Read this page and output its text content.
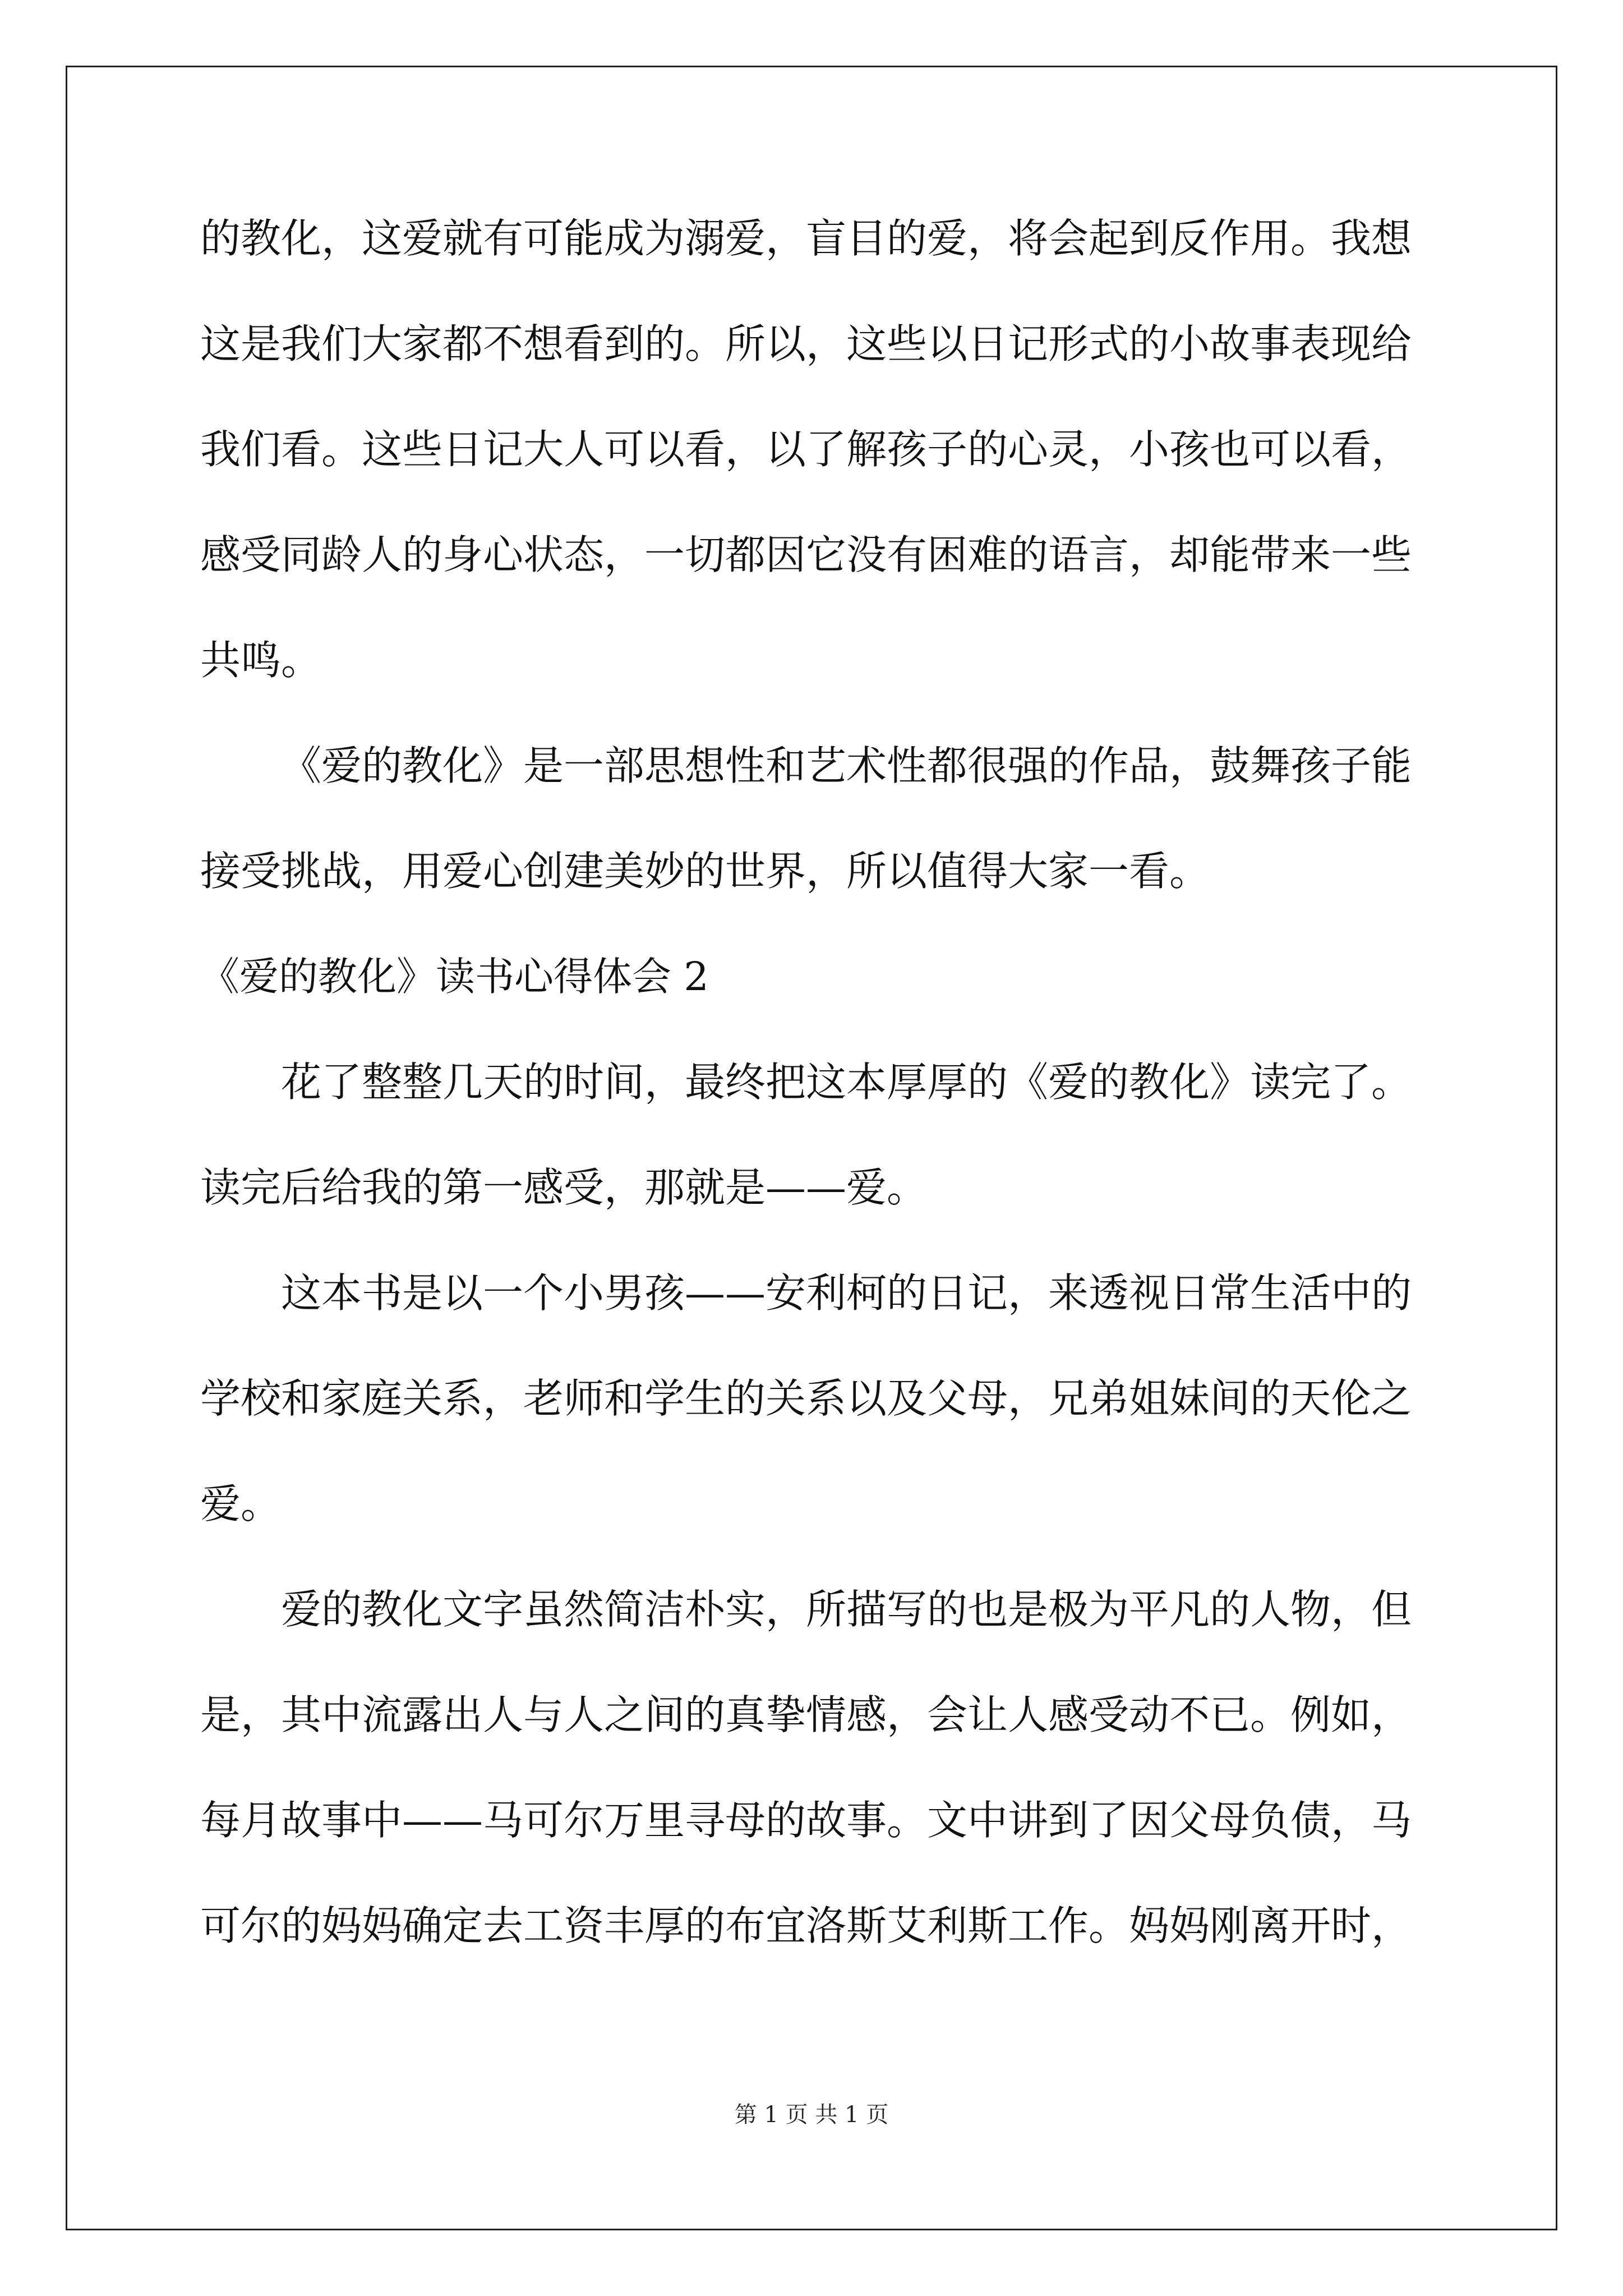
的教化，这爱就有可能成为溺爱，盲目的爱，将会起到反作用。我想
这是我们大家都不想看到的。所以，这些以日记形式的小故事表现给
我们看。这些日记大人可以看，以了解孩子的心灵，小孩也可以看，
感受同龄人的身心状态，一切都因它没有困难的语言，却能带来一些
共鸣。
《爱的教化》是一部思想性和艺术性都很强的作品，鼓舞孩子能
接受挑战，用爱心创建美妙的世界，所以值得大家一看。
《爱的教化》读书心得体会 2
花了整整几天的时间，最终把这本厚厚的《爱的教化》读完了。
读完后给我的第一感受，那就是——爱。
这本书是以一个小男孩——安利柯的日记，来透视日常生活中的
学校和家庭关系，老师和学生的关系以及父母，兄弟姐妹间的天伦之
爱。
爱的教化文字虽然简洁朴实，所描写的也是极为平凡的人物，但
是，其中流露出人与人之间的真挚情感，会让人感受动不已。例如，
每月故事中——马可尔万里寻母的故事。文中讲到了因父母负债，马
可尔的妈妈确定去工资丰厚的布宜洛斯艾利斯工作。妈妈刚离开时，
第 1 页 共 1 页
